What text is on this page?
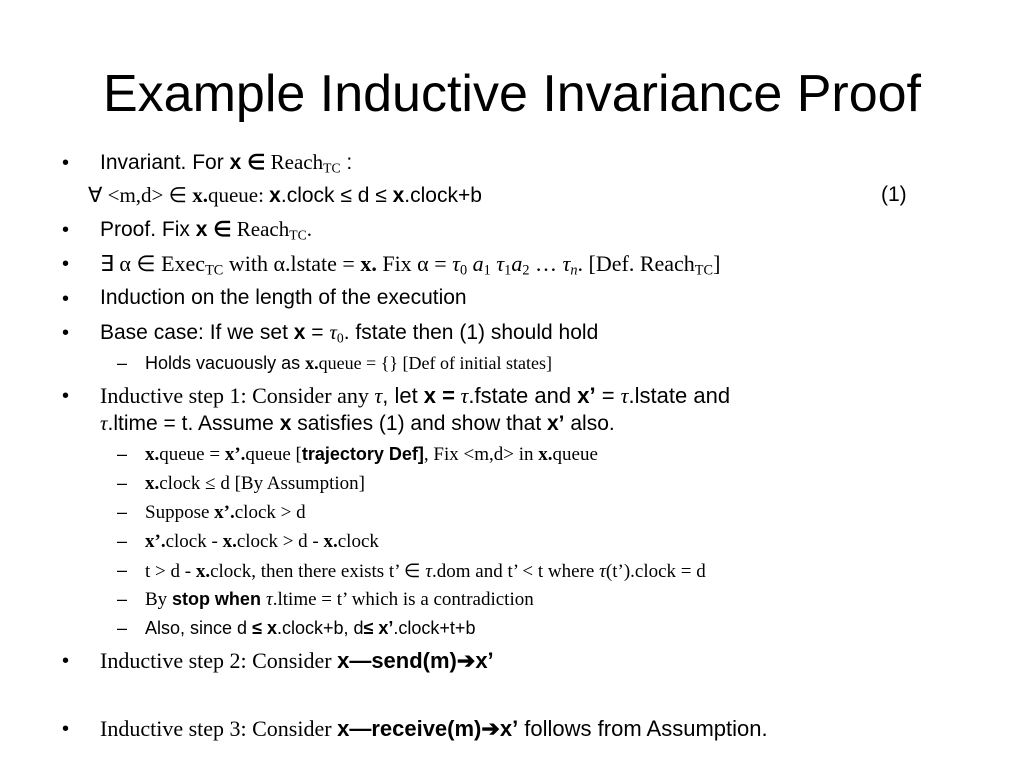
Example Inductive Invariance Proof
• Invariant. For x ∈ Reach$_{TC}$ :
∀ <m,d> ∈ x.queue: x.clock ≤ d ≤ x.clock+b	(1)
• Proof. Fix x ∈ Reach$_{TC}$.
• ∃ α ∈ Exec$_{TC}$ with α.lstate = x. Fix $\alpha = \tau_0$ $a_1$ $\tau_1a_2$ … $\tau_n$. [Def. Reach$_{TC}$]
• Induction on the length of the execution
• Base case: If we set $x = \tau_0$. fstate then (1) should hold
– Holds vacuously as x.queue = {} [Def of initial states]
• Inductive step 1: Consider any τ, let x = τ.fstate and x’ = τ.lstate and
τ.ltime = t. Assume x satisfies (1) and show that x’ also.
– x.queue = x’.queue [trajectory Def], Fix <m,d> in x.queue
– x.clock ≤ d [By Assumption]
– Suppose x’.clock > d
– x’.clock - x.clock > d - x.clock
– t > d - x.clock, then there exists t’ ∈ τ.dom and t’ < t where τ(t’).clock = d
– By stop when τ.ltime = t’ which is a contradiction
– Also, since d ≤ x.clock+b, d≤ x’.clock+t+b
• Inductive step 2: Consider x—send(m)➔x’
• Inductive step 3: Consider x—receive(m)➔x’ follows from Assumption.
